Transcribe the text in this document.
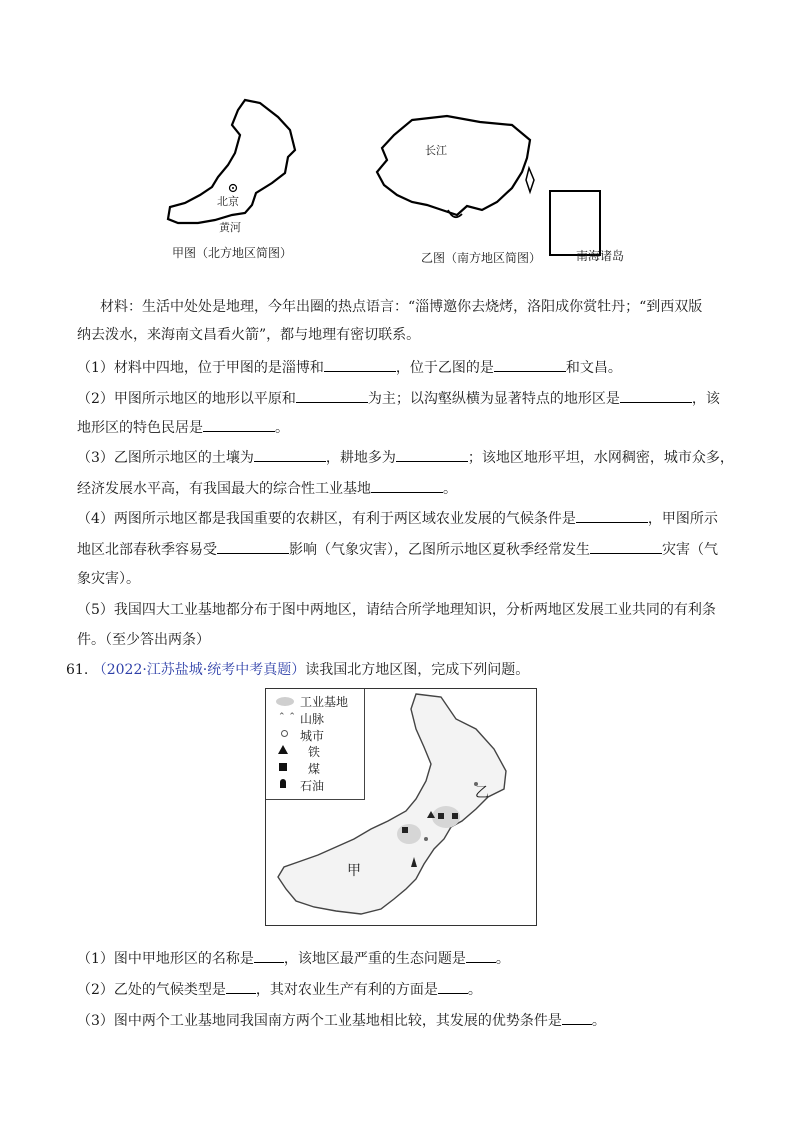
北京
黄河
甲图（北方地区简图）
长江
乙图（南方地区简图）	南海诸岛
材料：生活中处处是地理，今年出圈的热点语言：“淄博邀你去烧烤，洛阳成你赏牡丹；“到西双版
纳去泼水，来海南文昌看火箭”，都与地理有密切联系。
（1）材料中四地，位于甲图的是淄博和	，位于乙图的是	和文昌。
（2）甲图所示地区的地形以平原和	为主；以沟壑纵横为显著特点的地形区是	，该
地形区的特色民居是	。
（3）乙图所示地区的土壤为	，耕地多为	；该地区地形平坦，水网稠密，城市众多，
经济发展水平高，有我国最大的综合性工业基地	。
（4）两图所示地区都是我国重要的农耕区，有利于两区域农业发展的气候条件是	，甲图所示
地区北部春秋季容易受	影响（气象灾害），乙图所示地区夏秋季经常发生	灾害（气
象灾害）。
（5）我国四大工业基地都分布于图中两地区，请结合所学地理知识，分析两地区发展工业共同的有利条
件。（至少答出两条）
61. （2022·江苏盐城·统考中考真题）读我国北方地区图，完成下列问题。
工业基地
⌃ ⌃ 山脉
城市
铁
煤
石油
甲
乙
（1）图中甲地形区的名称是 ，该地区最严重的生态问题是 。
（2）乙处的气候类型是 ，其对农业生产有利的方面是 。
（3）图中两个工业基地同我国南方两个工业基地相比较，其发展的优势条件是 。
